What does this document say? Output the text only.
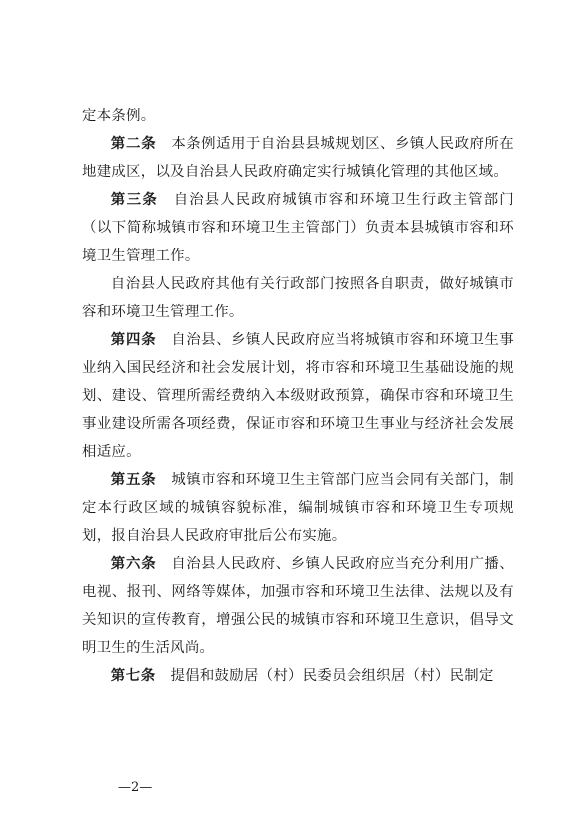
定本条例。

第二条　 本条例适用于自治县县城规划区、乡镇人民政府所在地建成区，以及自治县人民政府确定实行城镇化管理的其他区域。

第三条　 自治县人民政府城镇市容和环境卫生行政主管部门（以下简称城镇市容和环境卫生主管部门）负责本县城镇市容和环境卫生管理工作。

自治县人民政府其他有关行政部门按照各自职责，做好城镇市容和环境卫生管理工作。

第四条　 自治县、乡镇人民政府应当将城镇市容和环境卫生事业纳入国民经济和社会发展计划，将市容和环境卫生基础设施的规划、建设、管理所需经费纳入本级财政预算，确保市容和环境卫生事业建设所需各项经费，保证市容和环境卫生事业与经济社会发展相适应。

第五条　 城镇市容和环境卫生主管部门应当会同有关部门，制定本行政区域的城镇容貌标准，编制城镇市容和环境卫生专项规划，报自治县人民政府审批后公布实施。

第六条　 自治县人民政府、乡镇人民政府应当充分利用广播、电视、报刊、网络等媒体，加强市容和环境卫生法律、法规以及有关知识的宣传教育，增强公民的城镇市容和环境卫生意识，倡导文明卫生的生活风尚。

第七条　 提倡和鼓励居（村）民委员会组织居（村）民制定

—2—
